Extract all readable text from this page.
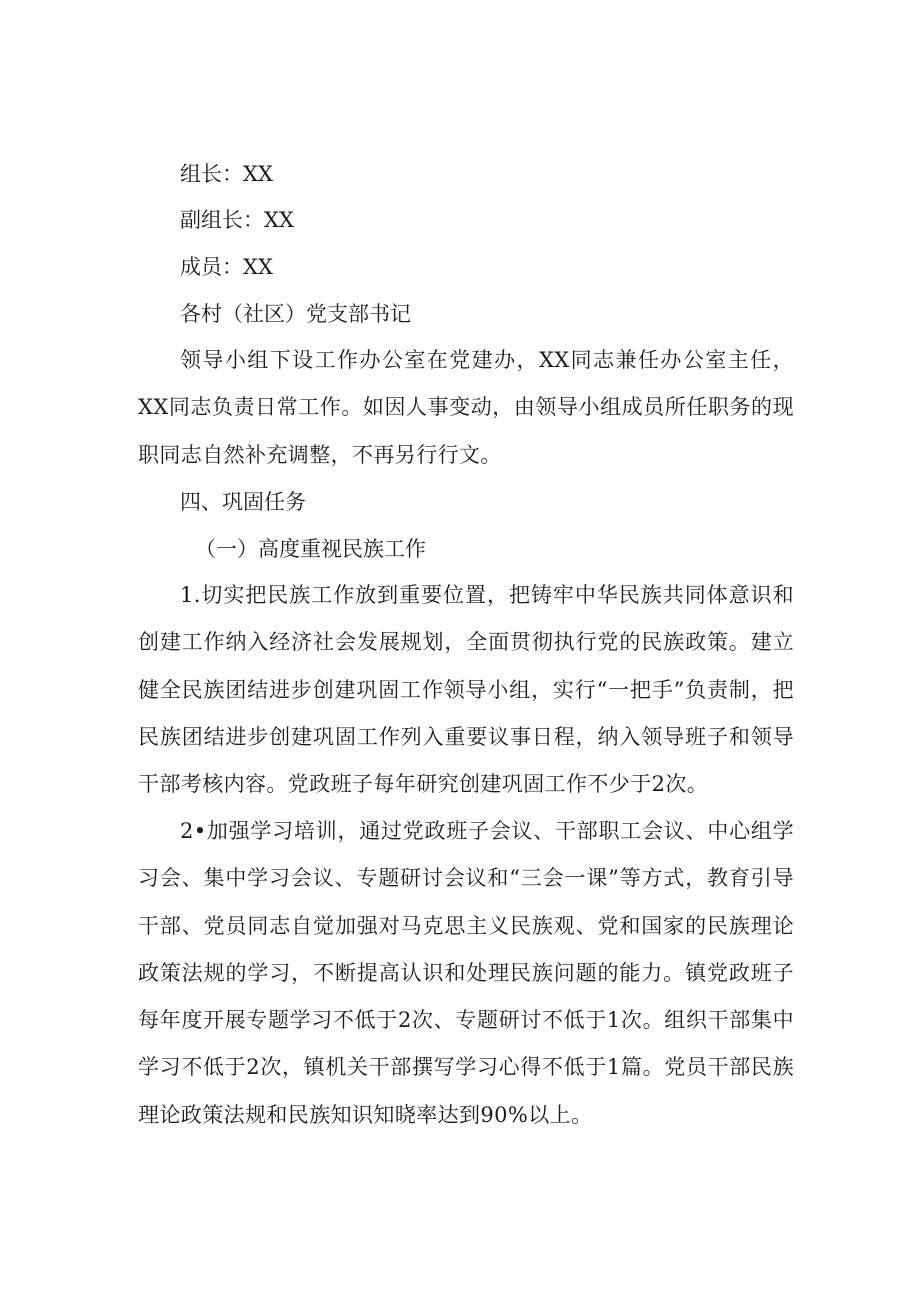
组长：XX
副组长：XX
成员：XX
各村（社区）党支部书记
领导小组下设工作办公室在党建办，XX同志兼任办公室主任，XX同志负责日常工作。如因人事变动，由领导小组成员所任职务的现职同志自然补充调整，不再另行行文。
四、巩固任务
（一）高度重视民族工作
1.切实把民族工作放到重要位置，把铸牢中华民族共同体意识和创建工作纳入经济社会发展规划，全面贯彻执行党的民族政策。建立健全民族团结进步创建巩固工作领导小组，实行“一把手”负责制，把民族团结进步创建巩固工作列入重要议事日程，纳入领导班子和领导干部考核内容。党政班子每年研究创建巩固工作不少于2次。
2•加强学习培训，通过党政班子会议、干部职工会议、中心组学习会、集中学习会议、专题研讨会议和“三会一课”等方式，教育引导干部、党员同志自觉加强对马克思主义民族观、党和国家的民族理论政策法规的学习，不断提高认识和处理民族问题的能力。镇党政班子每年度开展专题学习不低于2次、专题研讨不低于1次。组织干部集中学习不低于2次，镇机关干部撰写学习心得不低于1篇。党员干部民族理论政策法规和民族知识知晓率达到90%以上。
